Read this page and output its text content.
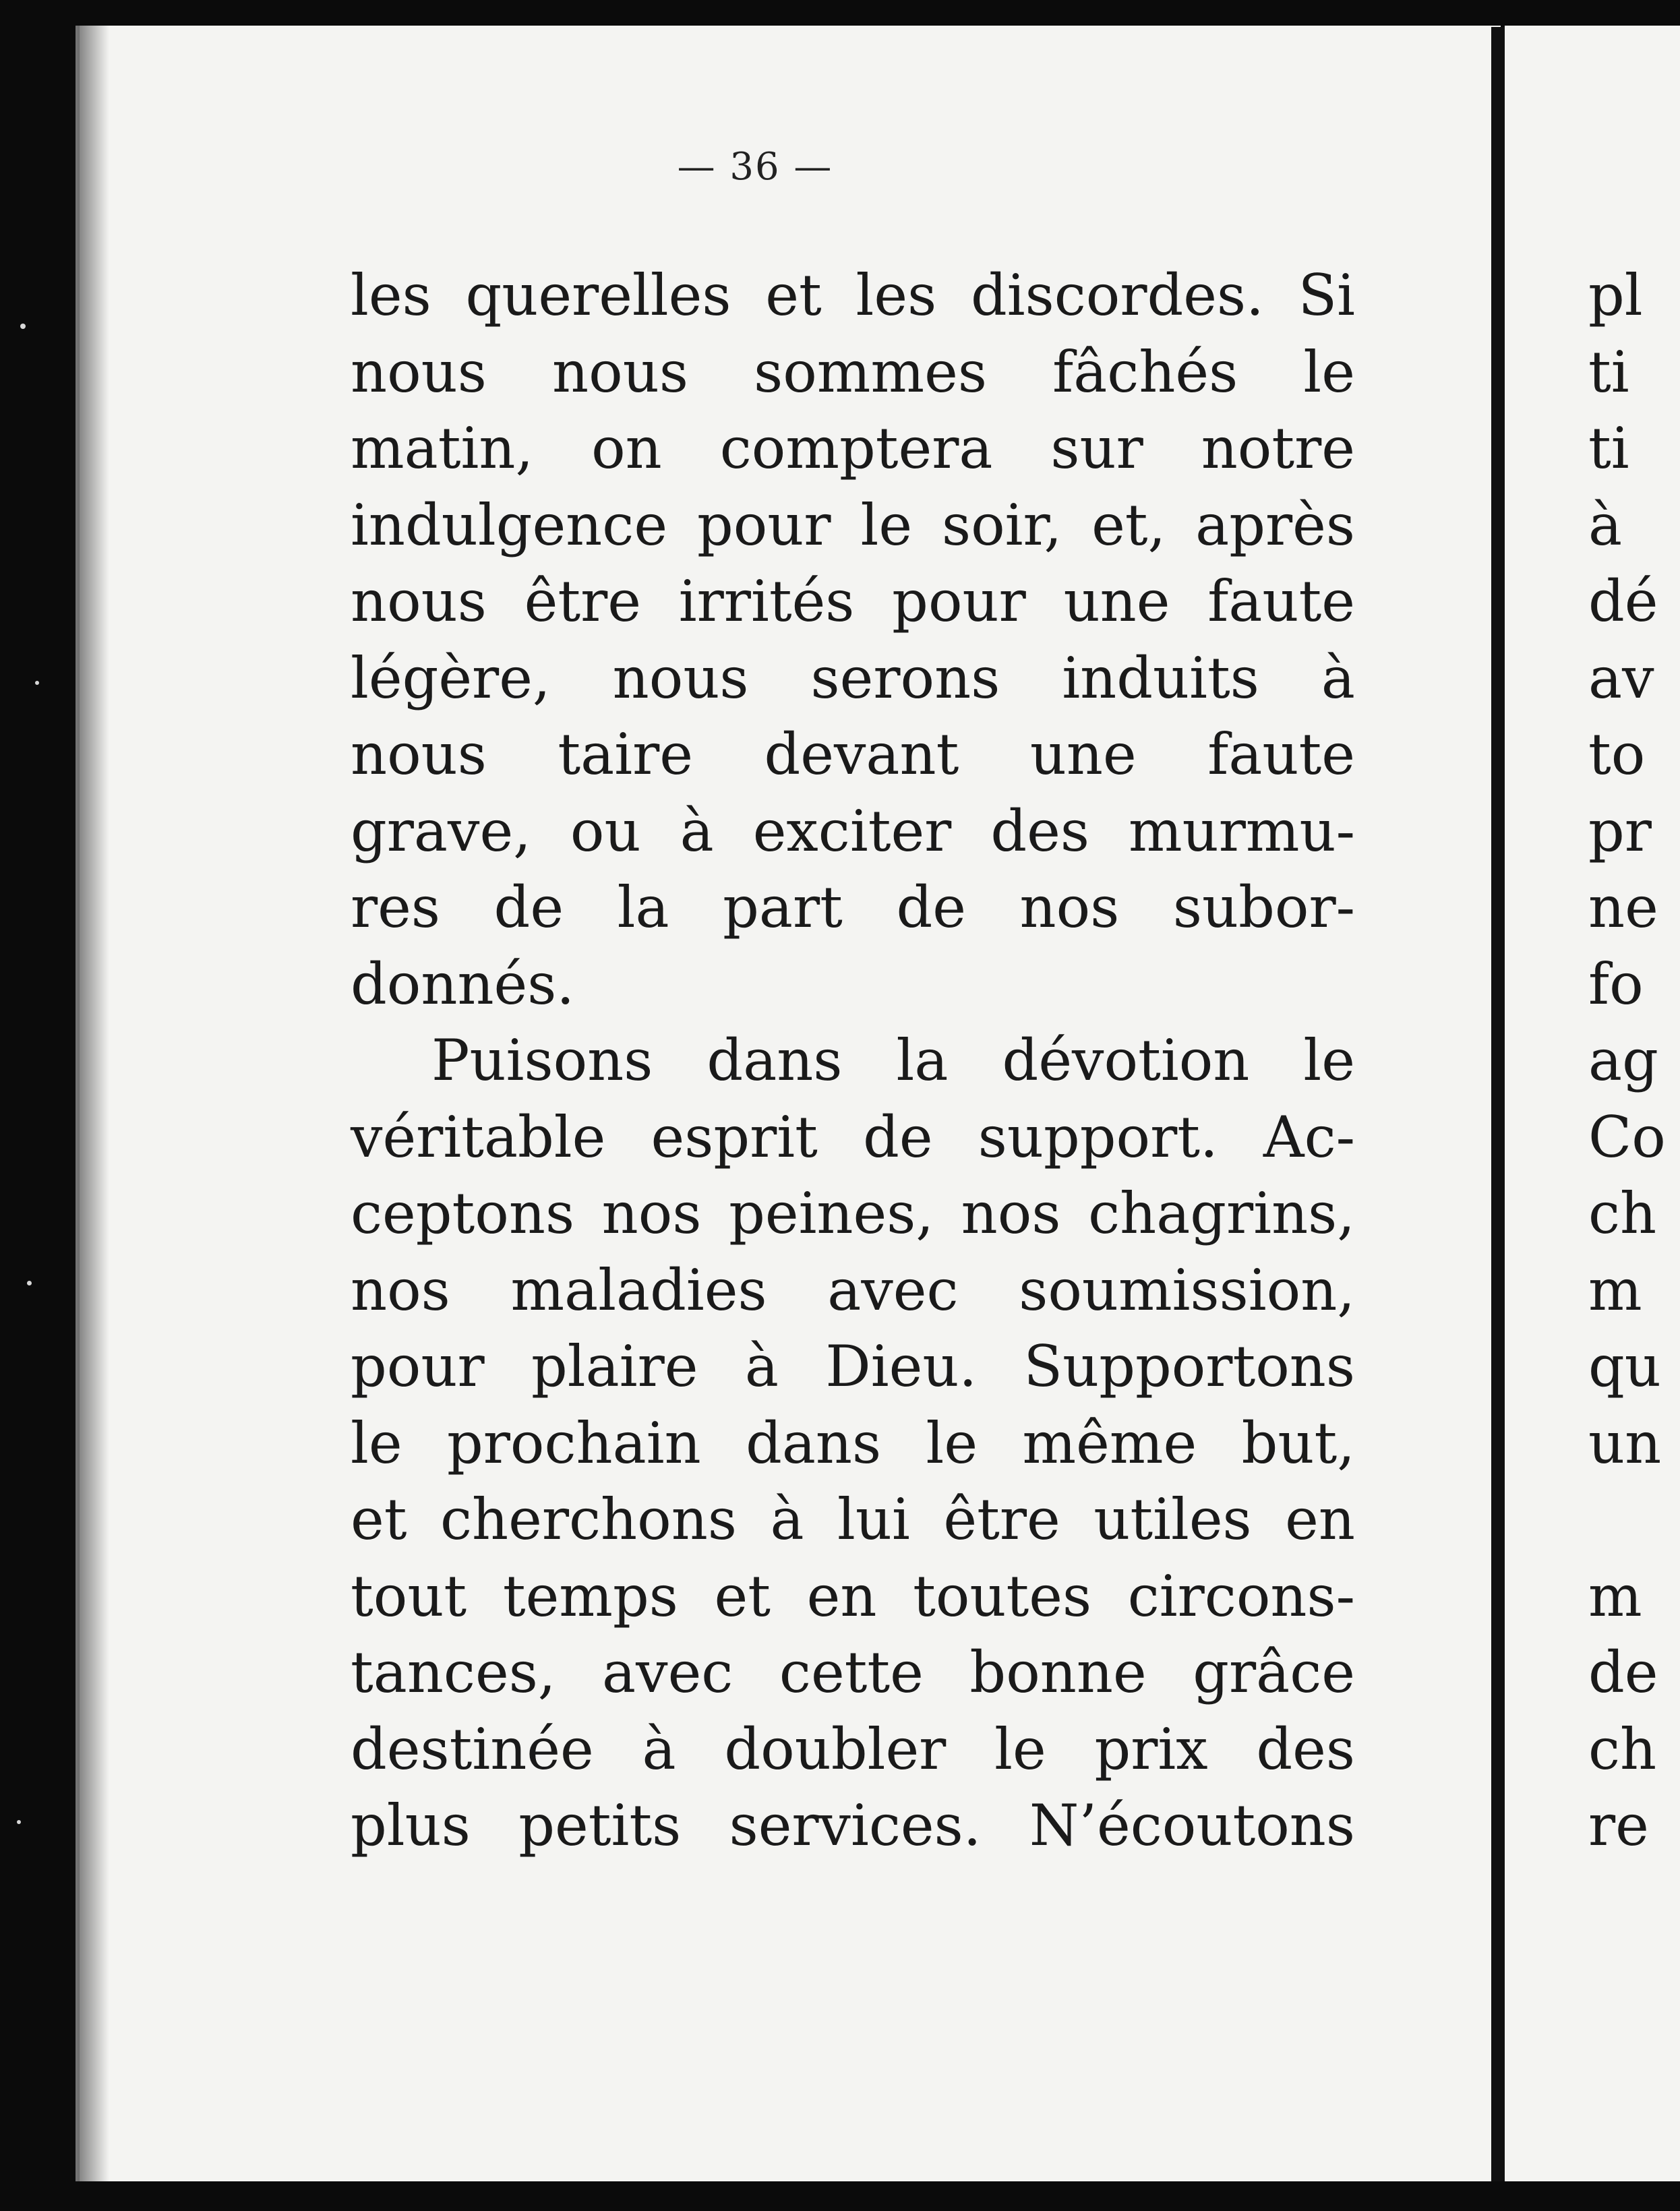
— 36 —
les querelles et les discordes. Si
nous nous sommes fâchés le
matin, on comptera sur notre
indulgence pour le soir, et, après
nous être irrités pour une faute
légère, nous serons induits à
nous taire devant une faute
grave, ou à exciter des murmu-
res de la part de nos subor-
donnés.
Puisons dans la dévotion le
véritable esprit de support. Ac-
ceptons nos peines, nos chagrins,
nos maladies avec soumission,
pour plaire à Dieu. Supportons
le prochain dans le même but,
et cherchons à lui être utiles en
tout temps et en toutes circons-
tances, avec cette bonne grâce
destinée à doubler le prix des
plus petits services. N’écoutons
pl
ti
ti
à
dé
av
to
pr
ne
fo
ag
Co
ch
m
qu
un
m
de
ch
re
